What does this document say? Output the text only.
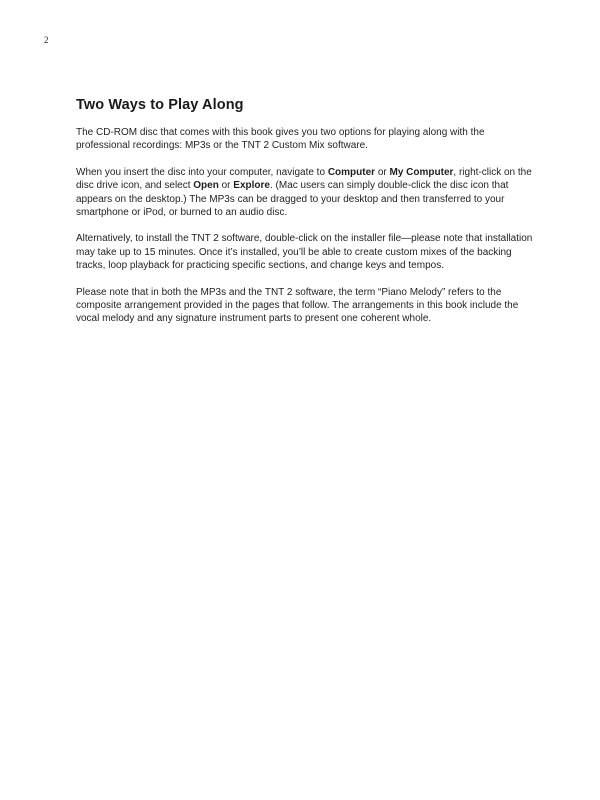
2
Two Ways to Play Along

The CD-ROM disc that comes with this book gives you two options for playing along with the professional recordings: MP3s or the TNT 2 Custom Mix software.

When you insert the disc into your computer, navigate to Computer or My Computer, right-click on the disc drive icon, and select Open or Explore. (Mac users can simply double-click the disc icon that appears on the desktop.) The MP3s can be dragged to your desktop and then transferred to your smartphone or iPod, or burned to an audio disc.

Alternatively, to install the TNT 2 software, double-click on the installer file—please note that installation may take up to 15 minutes. Once it’s installed, you’ll be able to create custom mixes of the backing tracks, loop playback for practicing specific sections, and change keys and tempos.

Please note that in both the MP3s and the TNT 2 software, the term “Piano Melody” refers to the composite arrangement provided in the pages that follow. The arrangements in this book include the vocal melody and any signature instrument parts to present one coherent whole.
